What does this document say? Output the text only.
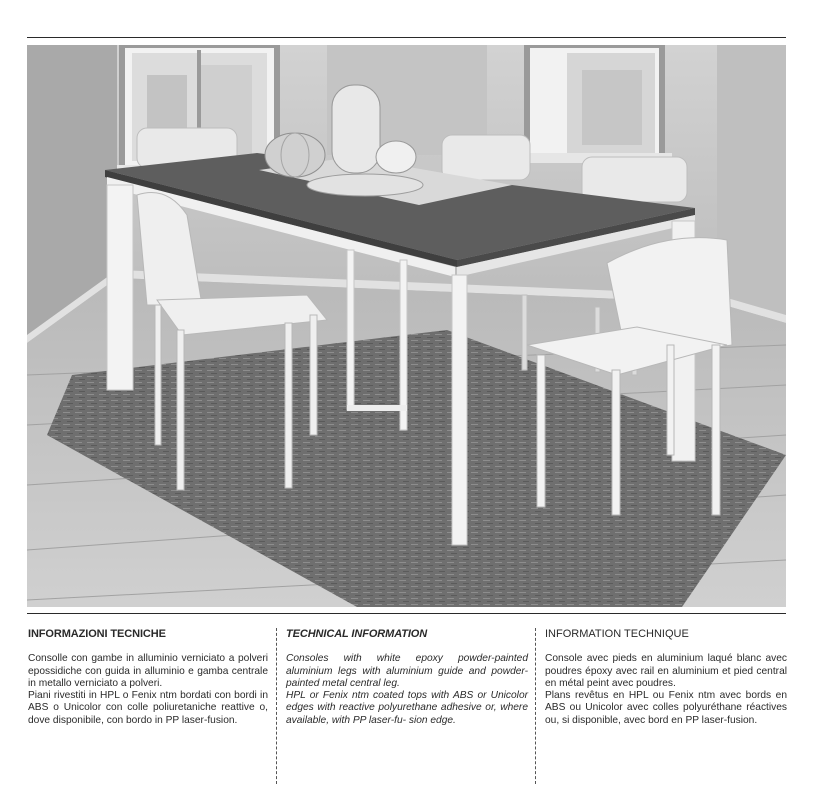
INFORMAZIONI TECNICHE

Consolle con gambe in alluminio verniciato a polveri epossidiche con guida in alluminio e gamba centrale in metallo verniciato a polveri.

Piani rivestiti in HPL o Fenix ntm bordati con bordi in ABS o Unicolor con colle poliuretaniche reattive o, dove disponibile, con bordo in PP laser-fusion.

TECHNICAL INFORMATION

Consoles with white epoxy powder-painted aluminium legs with aluminium guide and powder-painted metal central leg.

HPL or Fenix ntm coated tops with ABS or Unicolor edges with reactive polyurethane adhesive or, where available, with PP laser-fu- sion edge.

INFORMATION TECHNIQUE

Console avec pieds en aluminium laqué blanc avec poudres époxy avec rail en aluminium et pied central en métal peint avec poudres.

Plans revêtus en HPL ou Fenix ntm avec bords en ABS ou Unicolor avec colles polyuréthane réactives ou, si disponible, avec bord en PP laser-fusion.
